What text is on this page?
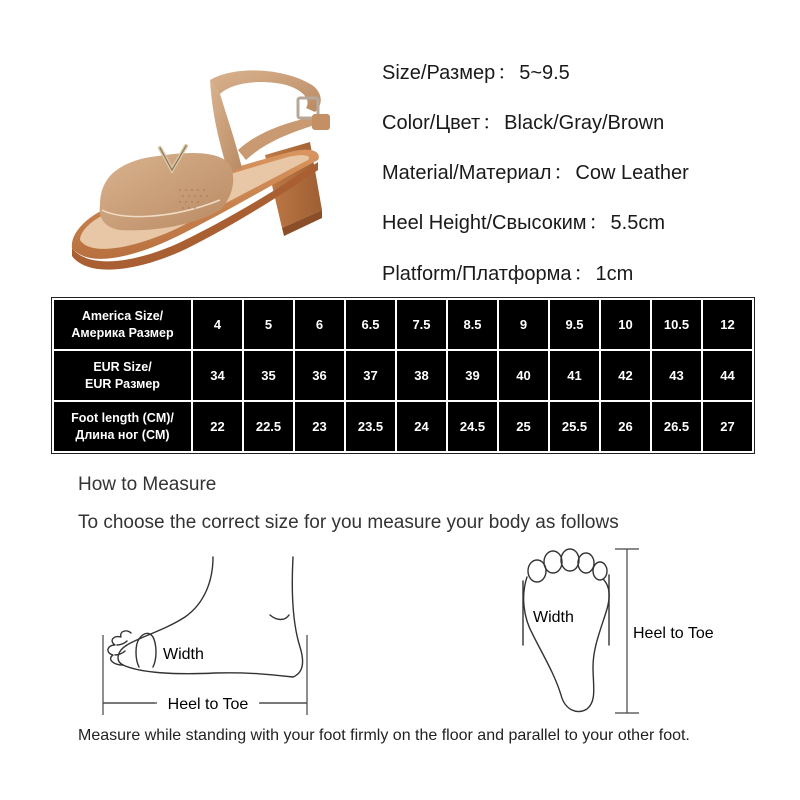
Size/Размер ： 5~9.5
Color/Цвет ： Black/Gray/Brown
Material/Материал ： Cow Leather
Heel Height/Свысоким ： 5.5cm
Platform/Платформа ： 1cm
America Size/
Америка Размер	4	5	6	6.5	7.5	8.5	9	9.5	10	10.5	12

EUR Size/
EUR Размер	34	35	36	37	38	39	40	41	42	43	44

Foot length (CM)/
Длина ног (CM)	22	22.5	23	23.5	24	24.5	25	25.5	26	26.5	27
How to Measure
To choose the correct size for you measure your body as follows
Heel to Toe
Width
Width
Heel to Toe
Measure while standing with your foot firmly on the floor and parallel to your other foot.
